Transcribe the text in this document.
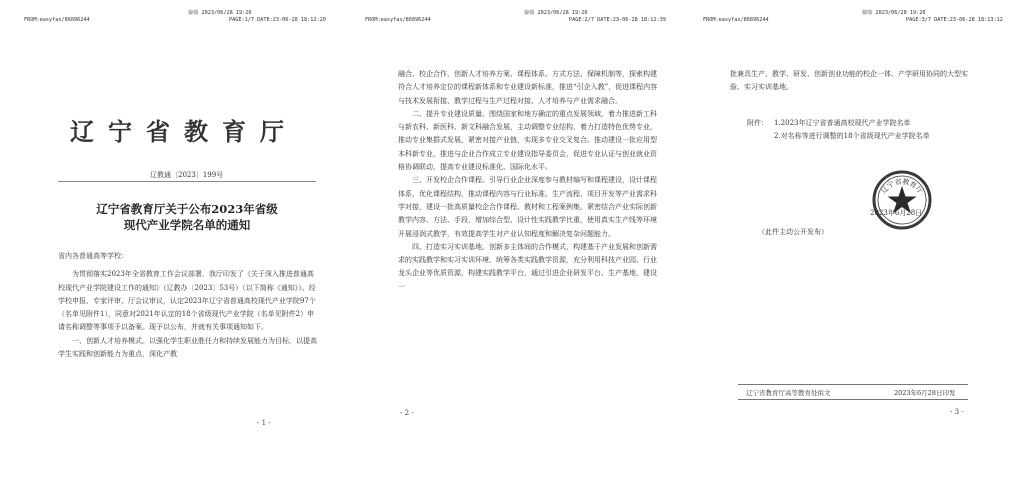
FROM:easyfax/86896244
接收 2023/06/28 19:20
PAGE:1/7 DATE:23-06-28 18:12:20
辽宁省教育厅
辽教通〔2023〕199号
辽宁省教育厅关于公布2023年省级
现代产业学院名单的通知

省内各普通高等学校：

为贯彻落实2023年全省教育工作会议部署，我厅印发了《关于深入推进普通高校现代产业学院建设工作的通知》（辽教办〔2023〕53号）（以下简称《通知》）。经学校申报、专家评审、厅会议审议，认定2023年辽宁省普通高校现代产业学院97个（名单见附件1），同意对2021年认定的18个省级现代产业学院（名单见附件2）申请名称调整等事项予以备案。现予以公布，并就有关事项通知如下。

一、创新人才培养模式。以强化学生职业胜任力和持续发展能力为目标，以提高学生实践和创新能力为重点，深化产教

- 1 -
FROM:easyfax/86896244
接收 2023/06/28 19:20
PAGE:2/7 DATE:23-06-28 18:12:39

融合、校企合作，创新人才培养方案、课程体系、方式方法、保障机制等，探索构建符合人才培养定位的课程新体系和专业建设新标准，推进“引企入教”，促进课程内容与技术发展衔接、教学过程与生产过程对接、人才培养与产业需求融合。

二、提升专业建设质量。围绕国家和地方确定的重点发展领域，着力推进新工科与新农科、新医科、新文科融合发展，主动调整专业结构，着力打造特色优势专业，推动专业集群式发展，紧密对接产业链，实现多专业交叉复合。推动建设一批应用型本科新专业，推进与企业合作成立专业建设指导委员会，促进专业认证与创业就业资格协调联动，提高专业建设标准化、国际化水平。

三、开发校企合作课程。引导行业企业深度参与教材编写和课程建设，设计课程体系，优化课程结构，推动课程内容与行业标准、生产流程、项目开发等产业需求科学对接，建设一批高质量校企合作课程、教材和工程案例集。紧密结合产业实际创新教学内容、方法、手段，增加综合型、设计性实践教学比重，使用真实生产线等环境开展浸润式教学，有效提高学生对产业认知程度和解决复杂问题能力。

四、打造实习实训基地。创新多主体间的合作模式，构建基于产业发展和创新需求的实践教学和实习实训环境，统筹各类实践教学资源，充分利用科技产业园、行业龙头企业等优质资源，构建实践教学平台，通过引进企业研发平台、生产基地，建设一

- 2 -
FROM:easyfax/86896244
接收 2023/06/28 19:20
PAGE:3/7 DATE:23-06-28 18:13:12

批兼具生产、教学、研发、创新创业功能的校企一体、产学研用协同的大型实验、实习实训基地。

附件： 1.2023年辽宁省普通高校现代产业学院名单
2.对名称等进行调整的18个省级现代产业学院名单
辽宁省教育厅
2023年6月28日
（此件主动公开发布）
辽宁省教育厅高等教育处拟文	2023年6月28日印发
- 3 -
